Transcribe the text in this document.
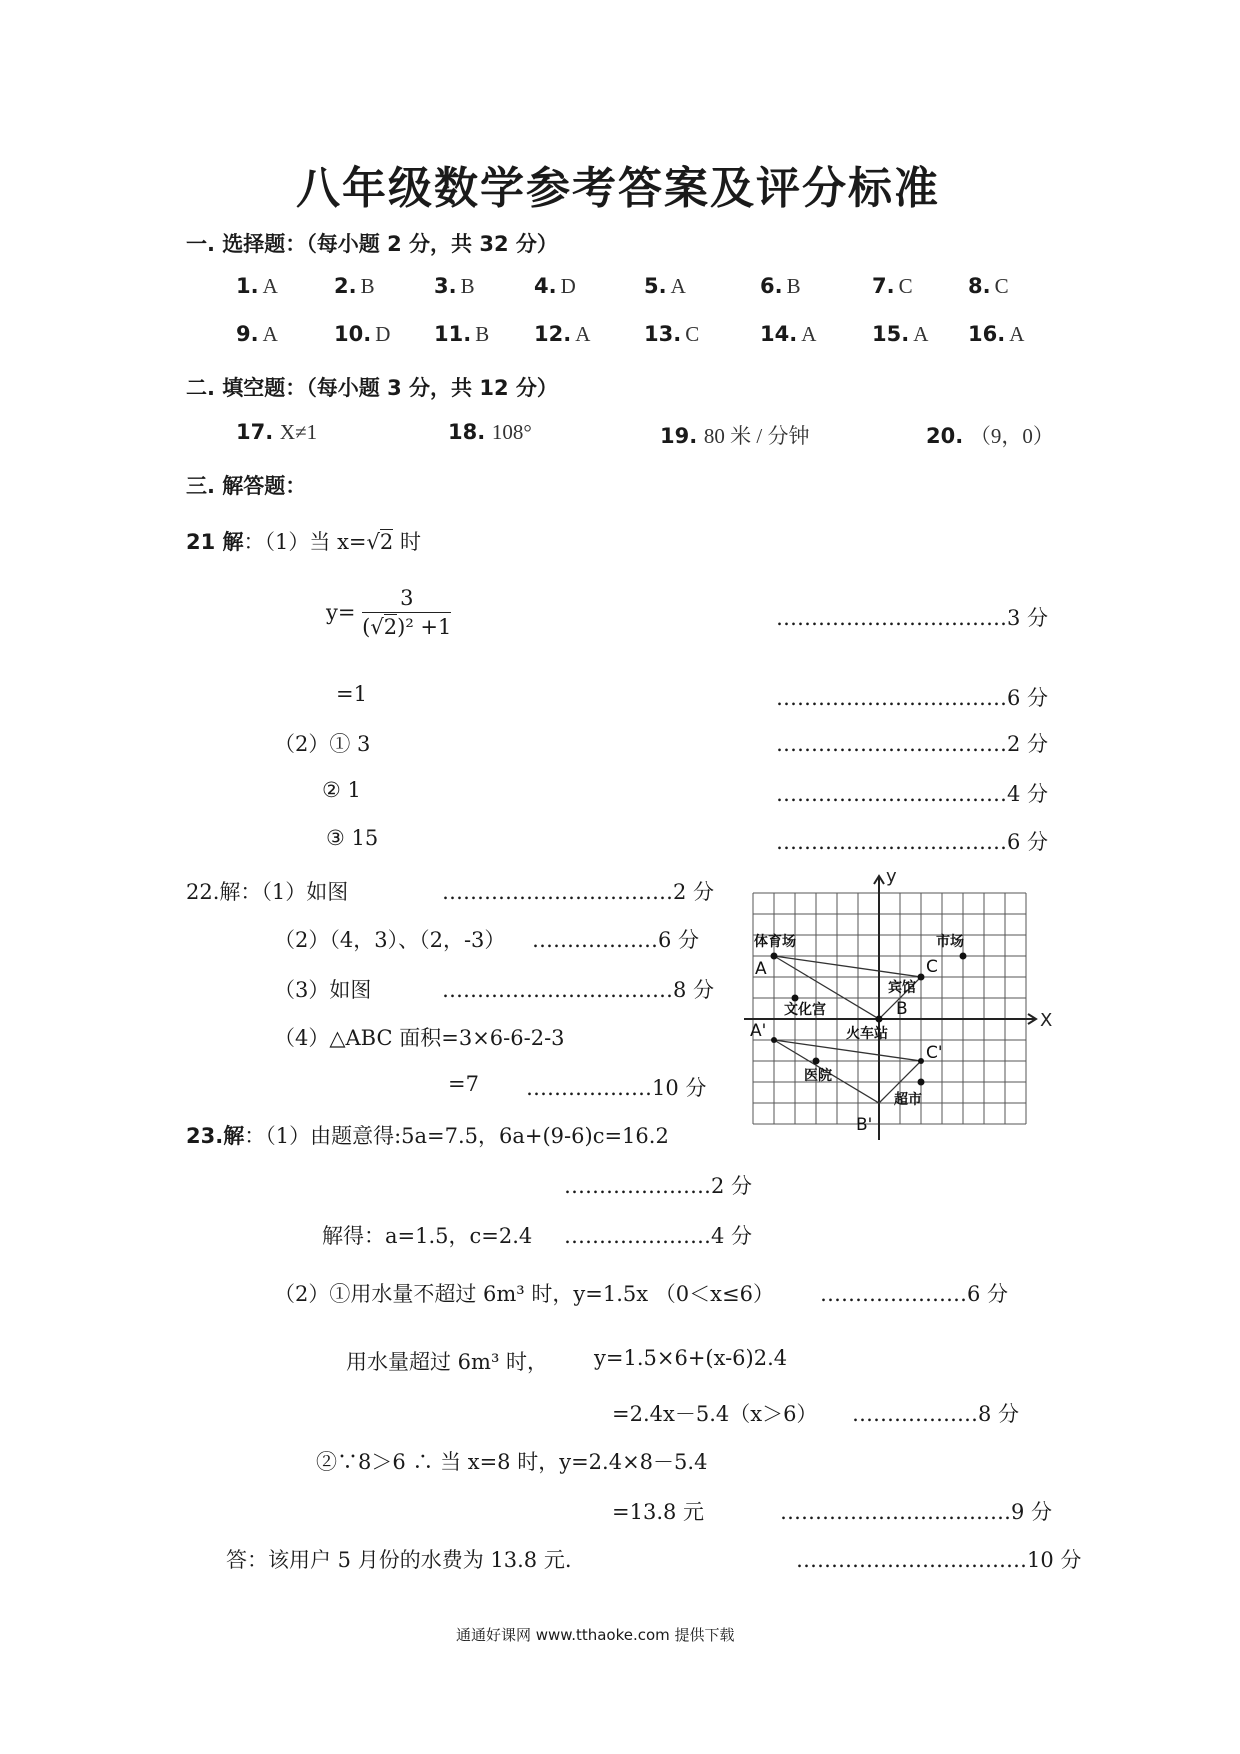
八年级数学参考答案及评分标准
一. 选择题：（每小题 2 分，共 32 分）
1. A	2. B	3. B	4. D	5. A	6. B	7. C	8. C
9. A	10. D 11. B 12. A	13. C	14. A	15. A 16. A
二. 填空题：（每小题 3 分，共 12 分）
17. X≠1	18. 108°	19. 80 米 / 分钟	20. （9，0）
三. 解答题：
21 解：（1）当 x=√2 时
$y= \frac{3}{\text{(√2)² +1}}$	……………………………3 分
=1	……………………………6 分
（2）① 3	……………………………2 分
② 1	……………………………4 分
③ 15	……………………………6 分
22.解：（1）如图	……………………………2 分
（2）（4，3）、（2，-3） ………………6 分
（3）如图	……………………………8 分
（4）△ABC 面积=3×6-6-2-3
=7 ………………10 分
X
y
体育场	市场
宾馆
文化宫
火车站
医院
超市
A	C
B
A'
C'
B'
23.解：（1）由题意得:5a=7.5，6a+(9-6)c=16.2
…………………2 分
解得：a=1.5，c=2.4 …………………4 分
（2）①用水量不超过 6m³ 时，y=1.5x （0＜x≤6） …………………6 分
用水量超过 6m³ 时， y=1.5×6+(x-6)2.4
=2.4x－5.4（x＞6） ………………8 分
②∵8＞6 ∴ 当 x=8 时，y=2.4×8－5.4
=13.8 元	……………………………9 分
答：该用户 5 月份的水费为 13.8 元.	……………………………10 分
通通好课网 www.tthaoke.com 提供下载
